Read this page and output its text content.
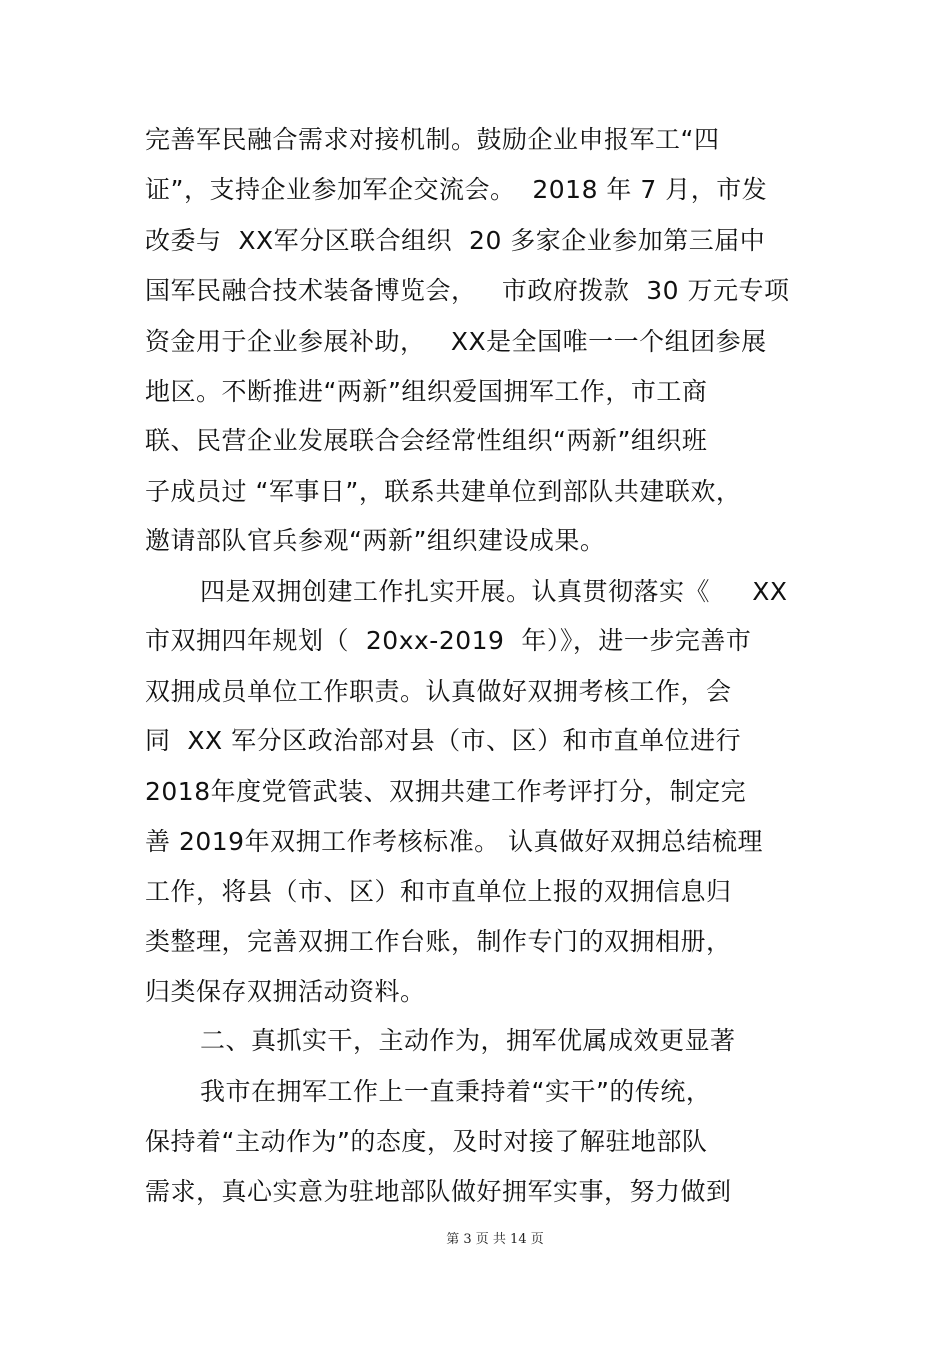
完善军民融合需求对接机制。鼓励企业申报军工“四
证”，支持企业参加军企交流会。  2018 年 7 月，市发
改委与  XX军分区联合组织  20 多家企业参加第三届中
国军民融合技术装备博览会，   市政府拨款  30 万元专项
资金用于企业参展补助，   XX是全国唯一一个组团参展
地区。不断推进“两新”组织爱国拥军工作，市工商
联、民营企业发展联合会经常性组织“两新”组织班
子成员过 “军事日”，联系共建单位到部队共建联欢，
邀请部队官兵参观“两新”组织建设成果。
四是双拥创建工作扎实开展。认真贯彻落实《     XX
市双拥四年规划（  20xx-2019  年）》，进一步完善市
双拥成员单位工作职责。认真做好双拥考核工作，会
同  XX 军分区政治部对县（市、区）和市直单位进行
2018年度党管武装、双拥共建工作考评打分，制定完
善 2019年双拥工作考核标准。 认真做好双拥总结梳理
工作，将县（市、区）和市直单位上报的双拥信息归
类整理，完善双拥工作台账，制作专门的双拥相册，
归类保存双拥活动资料。
二、真抓实干，主动作为，拥军优属成效更显著
我市在拥军工作上一直秉持着“实干”的传统，
保持着“主动作为”的态度，及时对接了解驻地部队
需求，真心实意为驻地部队做好拥军实事，努力做到
第 3 页 共 14 页
